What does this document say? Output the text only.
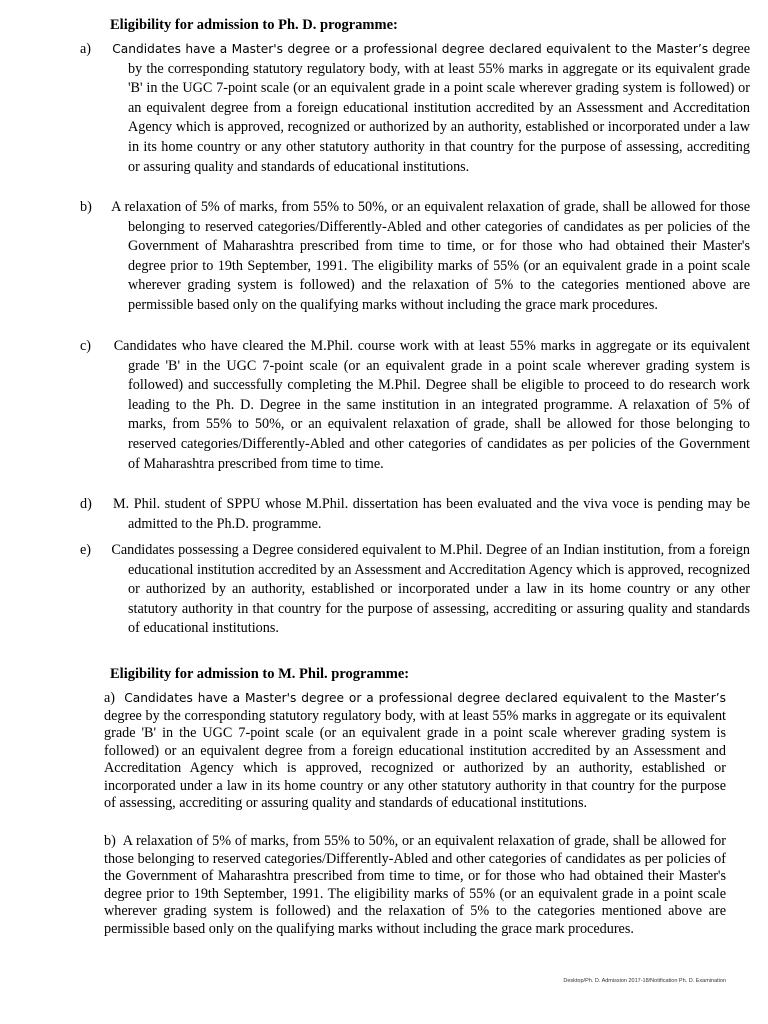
Eligibility for admission to Ph. D. programme:

a) Candidates have a Master's degree or a professional degree declared equivalent to the Master’s degree by the corresponding statutory regulatory body, with at least 55% marks in aggregate or its equivalent grade 'B' in the UGC 7-point scale (or an equivalent grade in a point scale wherever grading system is followed) or an equivalent degree from a foreign educational institution accredited by an Assessment and Accreditation Agency which is approved, recognized or authorized by an authority, established or incorporated under a law in its home country or any other statutory authority in that country for the purpose of assessing, accrediting or assuring quality and standards of educational institutions.

b) A relaxation of 5% of marks, from 55% to 50%, or an equivalent relaxation of grade, shall be allowed for those belonging to reserved categories/Differently-Abled and other categories of candidates as per policies of the Government of Maharashtra prescribed from time to time, or for those who had obtained their Master's degree prior to 19th September, 1991. The eligibility marks of 55% (or an equivalent grade in a point scale wherever grading system is followed) and the relaxation of 5% to the categories mentioned above are permissible based only on the qualifying marks without including the grace mark procedures.

c) Candidates who have cleared the M.Phil. course work with at least 55% marks in aggregate or its equivalent grade 'B' in the UGC 7-point scale (or an equivalent grade in a point scale wherever grading system is followed) and successfully completing the M.Phil. Degree shall be eligible to proceed to do research work leading to the Ph. D. Degree in the same institution in an integrated programme. A relaxation of 5% of marks, from 55% to 50%, or an equivalent relaxation of grade, shall be allowed for those belonging to reserved categories/Differently-Abled and other categories of candidates as per policies of the Government of Maharashtra prescribed from time to time.

d) M. Phil. student of SPPU whose M.Phil. dissertation has been evaluated and the viva voce is pending may be admitted to the Ph.D. programme.

e) Candidates possessing a Degree considered equivalent to M.Phil. Degree of an Indian institution, from a foreign educational institution accredited by an Assessment and Accreditation Agency which is approved, recognized or authorized by an authority, established or incorporated under a law in its home country or any other statutory authority in that country for the purpose of assessing, accrediting or assuring quality and standards of educational institutions.

Eligibility for admission to M. Phil. programme:

a) Candidates have a Master's degree or a professional degree declared equivalent to the Master’s degree by the corresponding statutory regulatory body, with at least 55% marks in aggregate or its equivalent grade 'B' in the UGC 7-point scale (or an equivalent grade in a point scale wherever grading system is followed) or an equivalent degree from a foreign educational institution accredited by an Assessment and Accreditation Agency which is approved, recognized or authorized by an authority, established or incorporated under a law in its home country or any other statutory authority in that country for the purpose of assessing, accrediting or assuring quality and standards of educational institutions.

b) A relaxation of 5% of marks, from 55% to 50%, or an equivalent relaxation of grade, shall be allowed for those belonging to reserved categories/Differently-Abled and other categories of candidates as per policies of the Government of Maharashtra prescribed from time to time, or for those who had obtained their Master's degree prior to 19th September, 1991. The eligibility marks of 55% (or an equivalent grade in a point scale wherever grading system is followed) and the relaxation of 5% to the categories mentioned above are permissible based only on the qualifying marks without including the grace mark procedures.

Desktop/Ph. D. Admission 2017-18/Notification Ph. D. Examination
